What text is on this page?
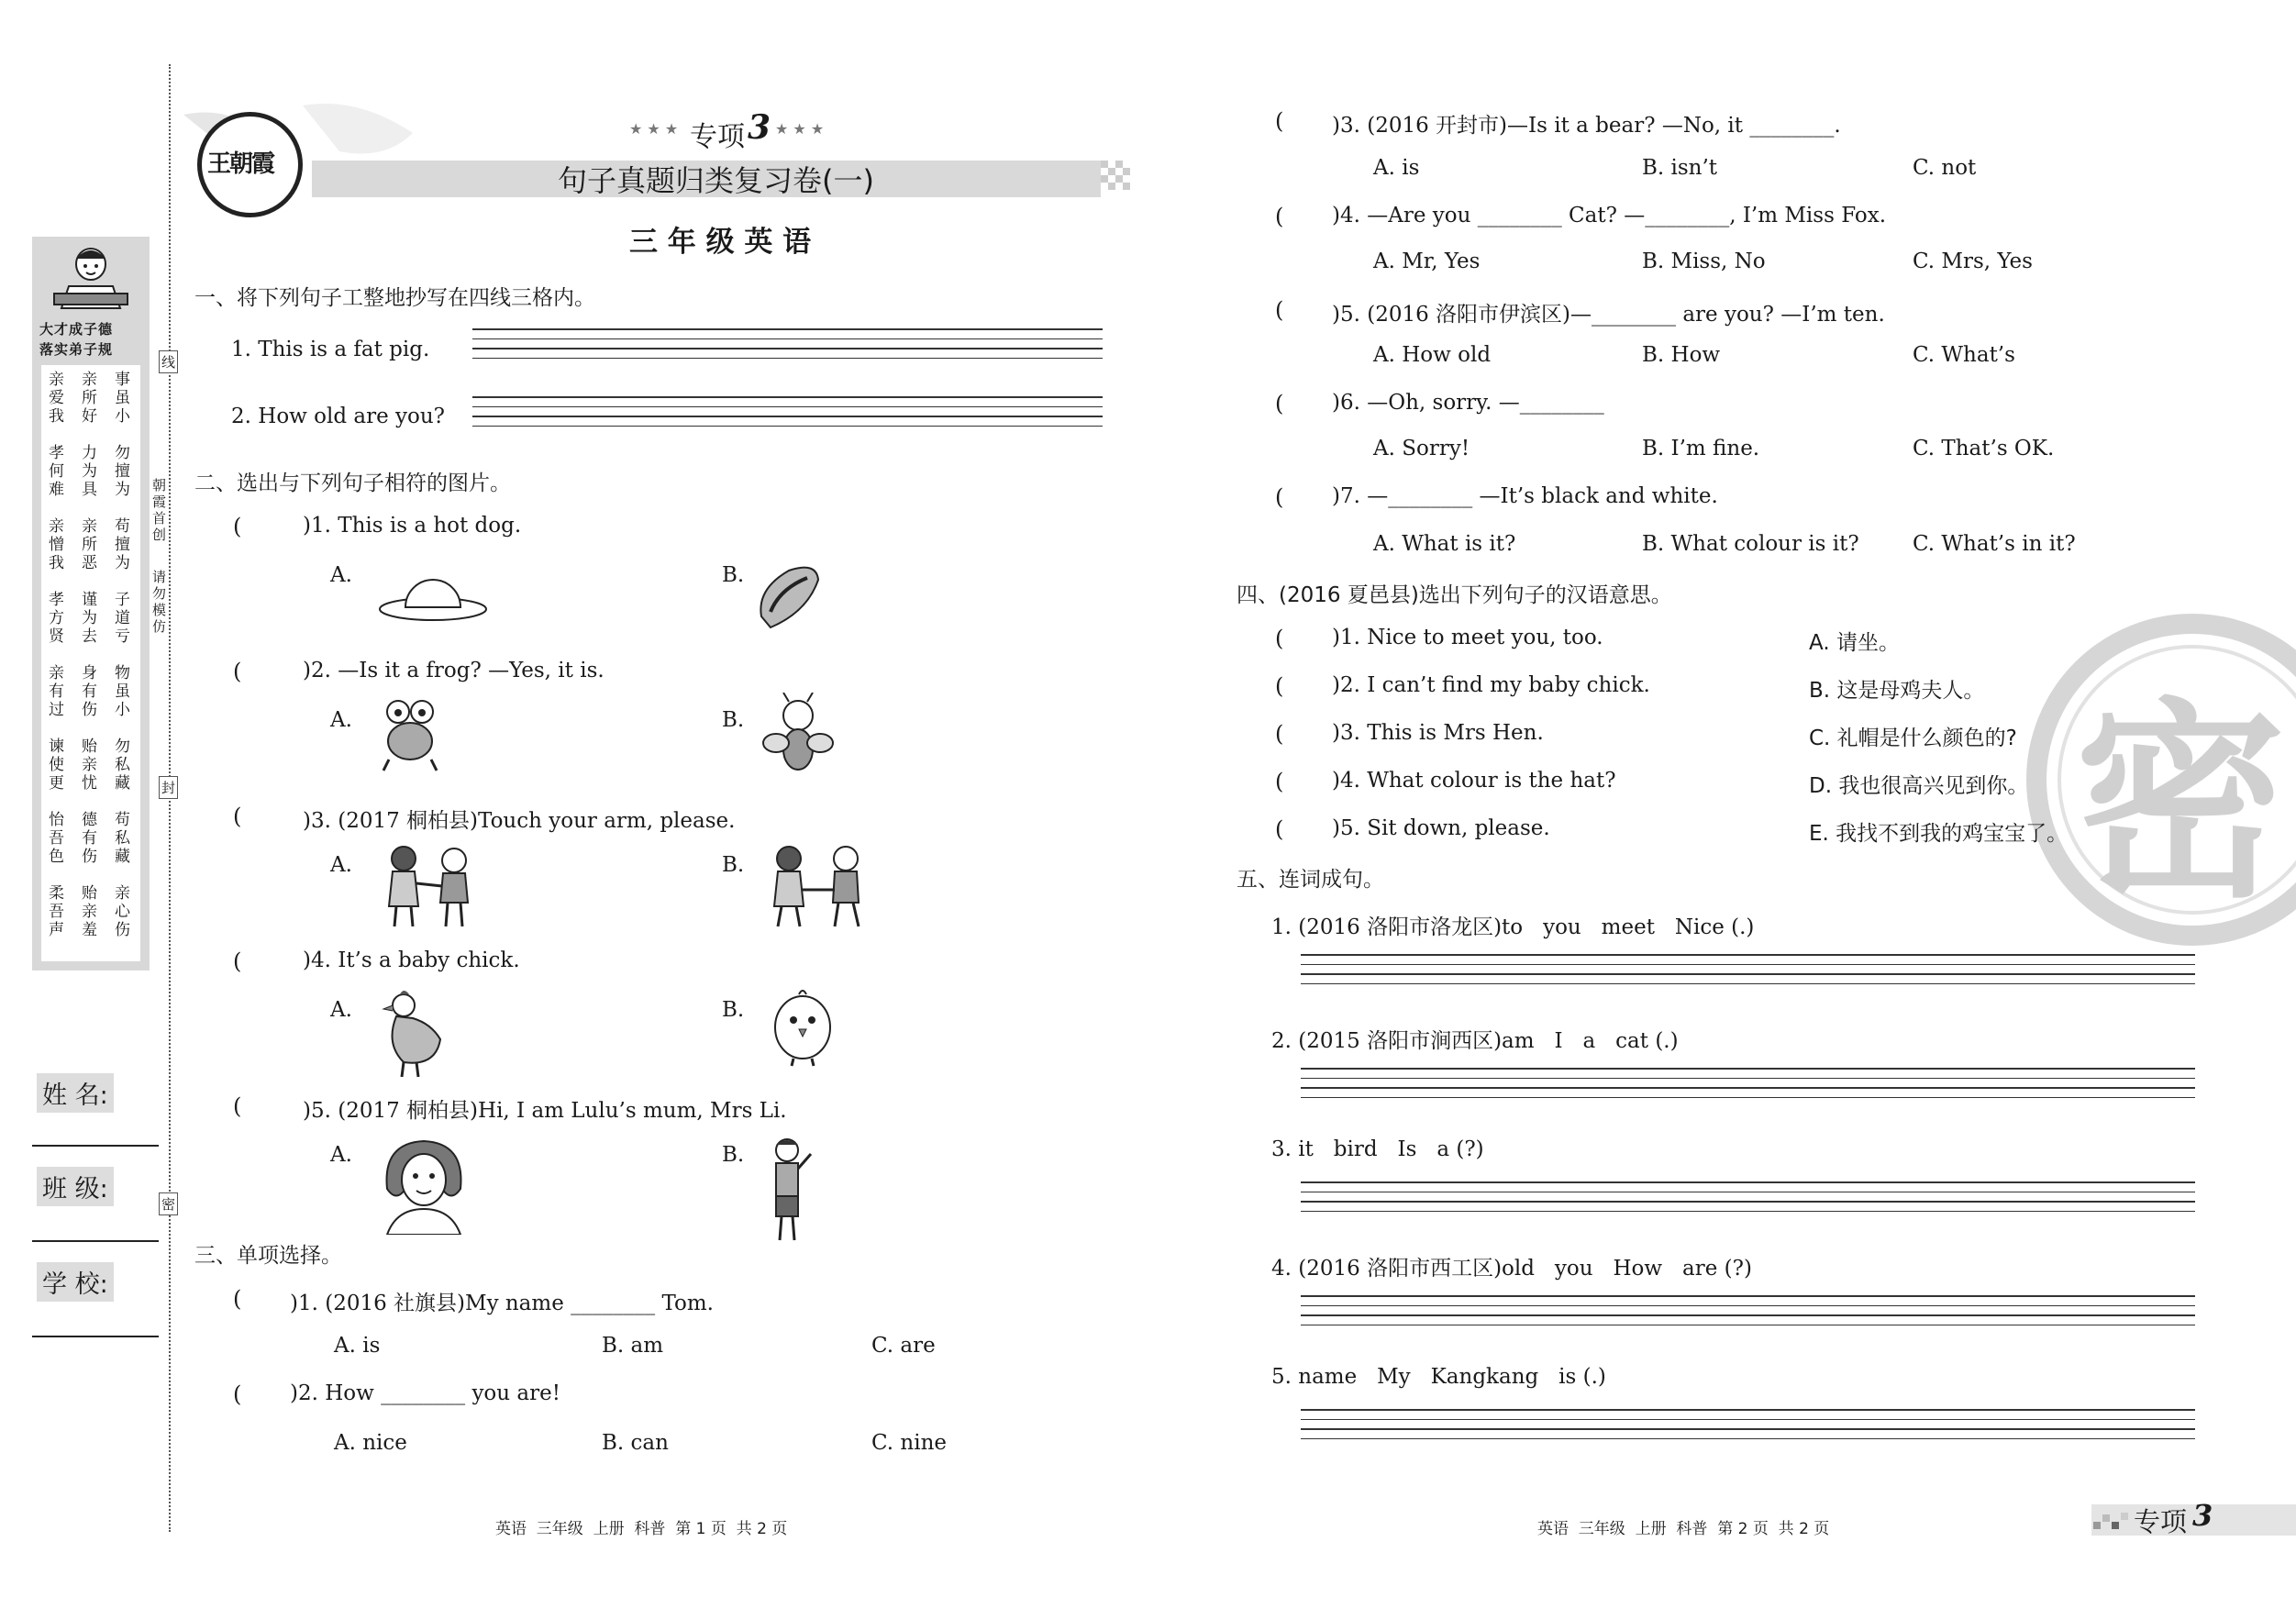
大才成子德
落实弟子规
亲爱我
亲所好
事虽小
孝何难
力为具
勿擅为
亲憎我
亲所恶
苟擅为
孝方贤
谨为去
子道亏
亲有过
身有伤
物虽小
谏使更
贻亲忧
勿私藏
怡吾色
德有伤
苟私藏
柔吾声
贻亲羞
亲心伤
姓 名:
班 级:
学 校:
线
封
密
朝霞首创
请勿模仿
王朝霞
★ ★ ★ 专项 3 ★ ★ ★
句子真题归类复习卷(一)
三 年 级 英 语
一、将下列句子工整地抄写在四线三格内。
1. This is a fat pig.
2. How old are you?
二、选出与下列句子相符的图片。
(	)1. This is a hot dog.
A.	B.
(	)2. —Is it a frog? —Yes, it is.
A.	B.
(	)3. (2017 桐柏县)Touch your arm, please.
A.	B.
(	)4. It’s a baby chick.
A.	B.
(	)5. (2017 桐柏县)Hi, I am Lulu’s mum, Mrs Li.
A.	B.
三、单项选择。
( )1. (2016 社旗县)My name ________ Tom.
A. is	B. am	C. are
( )2. How ________ you are!
A. nice	B. can	C. nine
英语  三年级  上册  科普  第 1 页  共 2 页
( )3. (2016 开封市)—Is it a bear? —No, it ________.
A. is	B. isn’t	C. not
( )4. —Are you ________ Cat? —________, I’m Miss Fox.
A. Mr, Yes	B. Miss, No	C. Mrs, Yes
( )5. (2016 洛阳市伊滨区)—________ are you? —I’m ten.
A. How old	B. How	C. What’s
( )6. —Oh, sorry. —________
A. Sorry!	B. I’m fine.	C. That’s OK.
( )7. —________ —It’s black and white.
A. What is it?	B. What colour is it?	C. What’s in it?
密
四、(2016 夏邑县)选出下列句子的汉语意思。
( )1. Nice to meet you, too.	A. 请坐。
( )2. I can’t find my baby chick.	B. 这是母鸡夫人。
( )3. This is Mrs Hen.	C. 礼帽是什么颜色的?
( )4. What colour is the hat?	D. 我也很高兴见到你。
( )5. Sit down, please.	E. 我找不到我的鸡宝宝了。
五、连词成句。
1. (2016 洛阳市洛龙区)to   you   meet   Nice (.)
2. (2015 洛阳市涧西区)am   I   a   cat (.)
3. it   bird   Is   a (?)
4. (2016 洛阳市西工区)old   you   How   are (?)
5. name   My   Kangkang   is (.)
英语  三年级  上册  科普  第 2 页  共 2 页	专项 3
